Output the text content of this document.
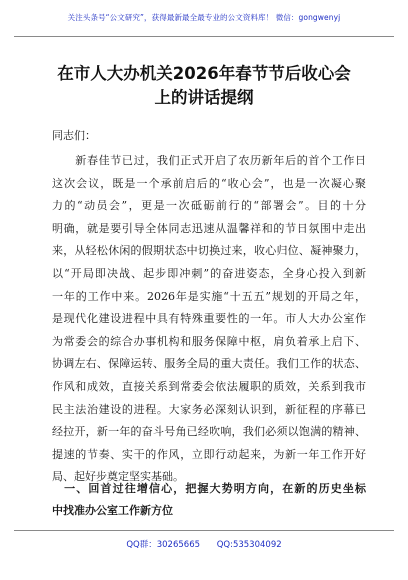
关注头条号“公文研究”，获得最新最全最专业的公文资料库！ 微信：gongwenyj
在市人大办机关2026年春节节后收心会
上的讲话提纲
同志们：
　　新春佳节已过，我们正式开启了农历新年后的首个工作日
这次会议，既是一个承前启后的“收心会”，也是一次凝心聚
力的“动员会”，更是一次砥砺前行的“部署会”。目的十分
明确，就是要引导全体同志迅速从温馨祥和的节日氛围中走出
来，从轻松休闲的假期状态中切换过来，收心归位、凝神聚力，
以“开局即决战、起步即冲刺”的奋进姿态，全身心投入到新
一年的工作中来。2026年是实施“十五五”规划的开局之年，
是现代化建设进程中具有特殊重要性的一年。市人大办公室作
为常委会的综合办事机构和服务保障中枢，肩负着承上启下、
协调左右、保障运转、服务全局的重大责任。我们工作的状态、
作风和成效，直接关系到常委会依法履职的质效，关系到我市
民主法治建设的进程。大家务必深刻认识到，新征程的序幕已
经拉开，新一年的奋斗号角已经吹响，我们必须以饱满的精神、
提速的节奏、实干的作风，立即行动起来，为新一年工作开好
局、起好步奠定坚实基础。
　一、回首过往增信心，把握大势明方向，在新的历史坐标
中找准办公室工作新方位
QQ群：30265665 QQ:535304092
